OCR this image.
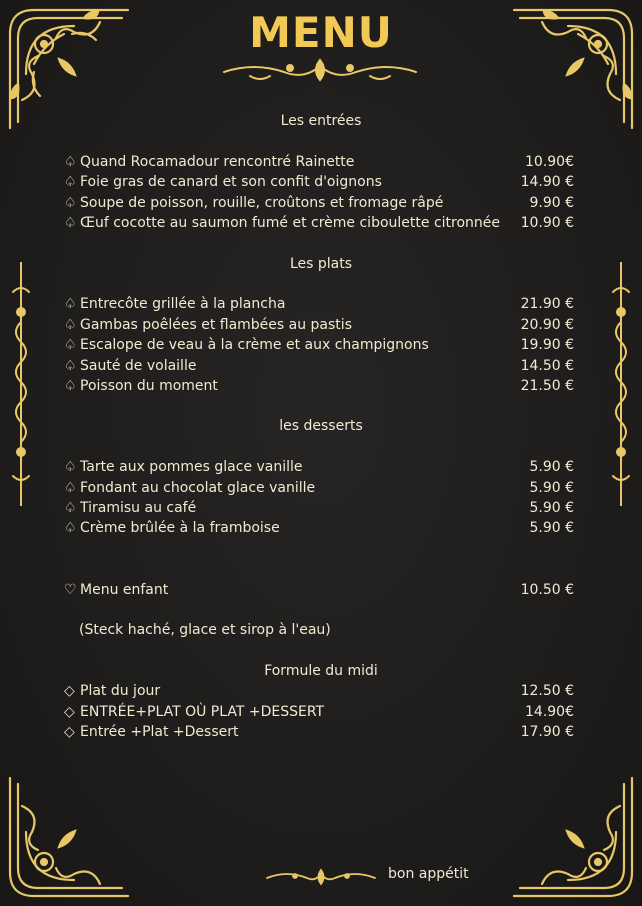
MENU
Les entrées
♤ Quand Rocamadour rencontré Rainette	10.90€
♤ Foie gras de canard et son confit d'oignons	14.90 €
♤ Soupe de poisson, rouille, croûtons et fromage râpé	9.90 €
♤ Œuf cocotte au saumon fumé et crème ciboulette citronnée 10.90 €
Les plats
♤ Entrecôte grillée à la plancha	21.90 €
♤ Gambas poêlées et flambées au pastis	20.90 €
♤ Escalope de veau à la crème et aux champignons	19.90 €
♤ Sauté de volaille	14.50 €
♤ Poisson du moment	21.50 €
les desserts
♤ Tarte aux pommes glace vanille	5.90 €
♤ Fondant au chocolat glace vanille	5.90 €
♤ Tiramisu au café	5.90 €
♤ Crème brûlée à la framboise	5.90 €
♡ Menu enfant	10.50 €
(Steck haché, glace et sirop à l'eau)
Formule du midi
◇ Plat du jour	12.50 €
◇ ENTRÉE+PLAT OÙ PLAT +DESSERT	14.90€
◇ Entrée +Plat +Dessert	17.90 €
bon appétit
